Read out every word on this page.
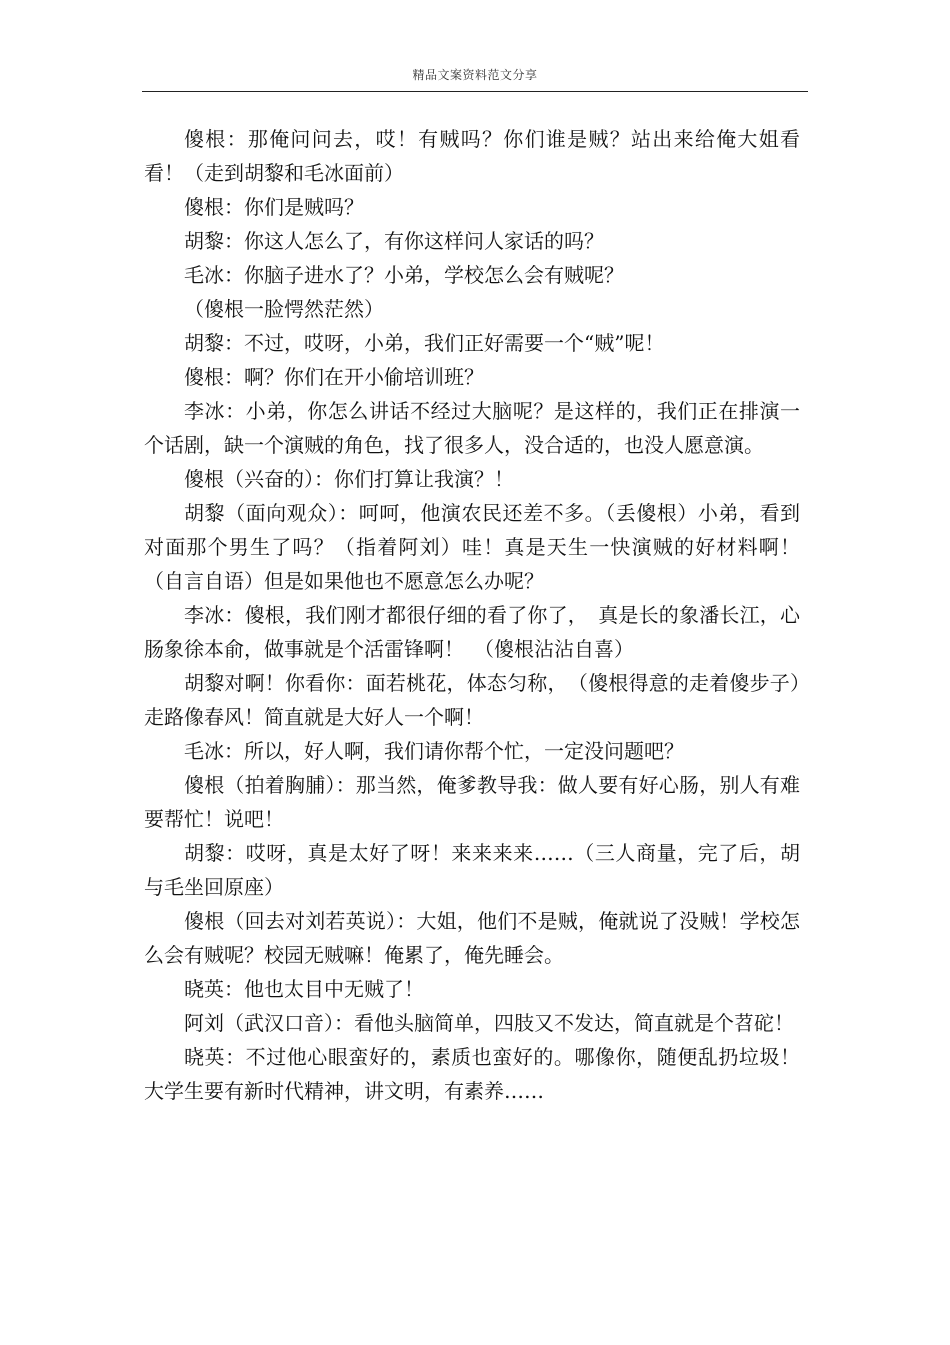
精品文案资料范文分享

傻根：那俺问问去，哎！有贼吗？你们谁是贼？站出来给俺大姐看看！（走到胡黎和毛冰面前）

傻根：你们是贼吗？

胡黎：你这人怎么了，有你这样问人家话的吗？

毛冰：你脑子进水了？小弟，学校怎么会有贼呢？

（傻根一脸愕然茫然）

胡黎：不过，哎呀，小弟，我们正好需要一个“贼”呢！

傻根：啊？你们在开小偷培训班？

李冰：小弟，你怎么讲话不经过大脑呢？是这样的，我们正在排演一个话剧，缺一个演贼的角色，找了很多人，没合适的，也没人愿意演。

傻根（兴奋的）：你们打算让我演？！

胡黎（面向观众）：呵呵，他演农民还差不多。（丢傻根）小弟，看到对面那个男生了吗？（指着阿刘）哇！真是天生一快演贼的好材料啊！（自言自语）但是如果他也不愿意怎么办呢？

李冰：傻根，我们刚才都很仔细的看了你了，　真是长的象潘长江，心肠象徐本俞，做事就是个活雷锋啊！　（傻根沾沾自喜）

胡黎对啊！你看你：面若桃花，体态匀称，　（傻根得意的走着傻步子）走路像春风！简直就是大好人一个啊！

毛冰：所以，好人啊，我们请你帮个忙，一定没问题吧？

傻根（拍着胸脯）：那当然，俺爹教导我：做人要有好心肠，别人有难要帮忙！说吧！

胡黎：哎呀，真是太好了呀！来来来来……（三人商量，完了后，胡与毛坐回原座）

傻根（回去对刘若英说）：大姐，他们不是贼，俺就说了没贼！学校怎么会有贼呢？校园无贼嘛！俺累了，俺先睡会。

晓英：他也太目中无贼了！

阿刘（武汉口音）：看他头脑简单，四肢又不发达，简直就是个苕砣！

晓英：不过他心眼蛮好的，素质也蛮好的。哪像你，随便乱扔垃圾！大学生要有新时代精神，讲文明，有素养……
